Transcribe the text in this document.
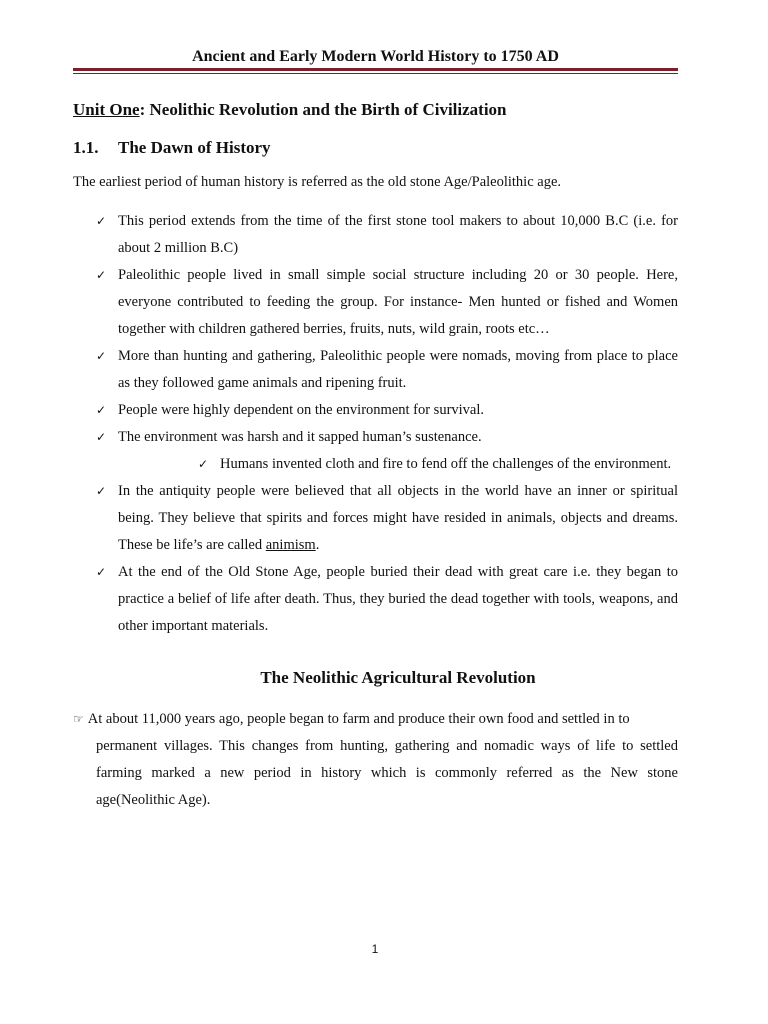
Ancient and Early Modern World History to 1750 AD
Unit One: Neolithic Revolution and the Birth of Civilization
1.1. The Dawn of History
The earliest period of human history is referred as the old stone Age/Paleolithic age.
✓ This period extends from the time of the first stone tool makers to about 10,000 B.C (i.e. for about 2 million B.C)
✓ Paleolithic people lived in small simple social structure including 20 or 30 people. Here, everyone contributed to feeding the group. For instance- Men hunted or fished and Women together with children gathered berries, fruits, nuts, wild grain, roots etc…
✓ More than hunting and gathering, Paleolithic people were nomads, moving from place to place as they followed game animals and ripening fruit.
✓ People were highly dependent on the environment for survival.
✓ The environment was harsh and it sapped human’s sustenance.
✓ Humans invented cloth and fire to fend off the challenges of the environment.
✓ In the antiquity people were believed that all objects in the world have an inner or spiritual being. They believe that spirits and forces might have resided in animals, objects and dreams. These be life’s are called animism.
✓ At the end of the Old Stone Age, people buried their dead with great care i.e. they began to practice a belief of life after death. Thus, they buried the dead together with tools, weapons, and other important materials.
The Neolithic Agricultural Revolution
☞ At about 11,000 years ago, people began to farm and produce their own food and settled in to
permanent villages. This changes from hunting, gathering and nomadic ways of life to settled farming marked a new period in history which is commonly referred as the New stone age(Neolithic Age).
1
